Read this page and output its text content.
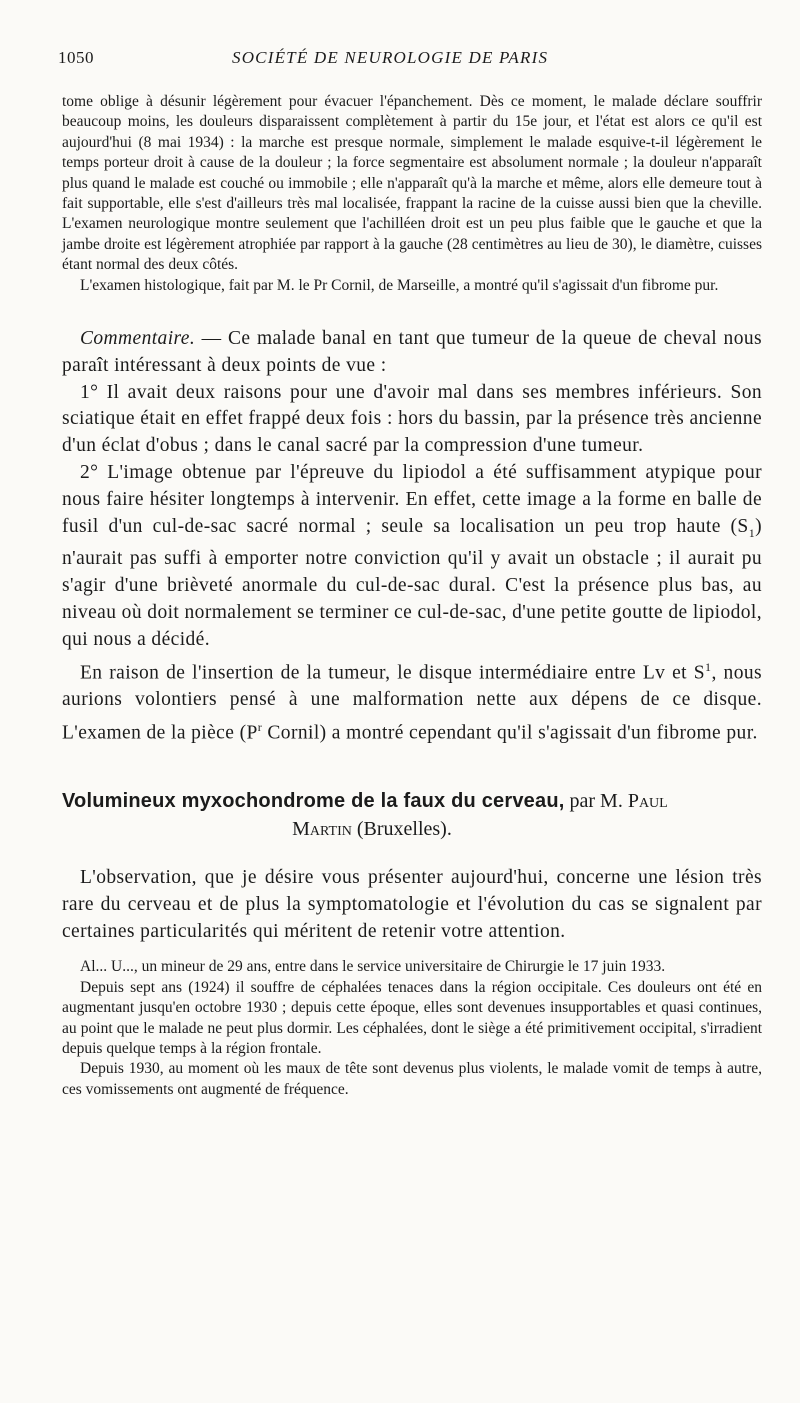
1050	SOCIÉTÉ DE NEUROLOGIE DE PARIS

tome oblige à désunir légèrement pour évacuer l'épanchement. Dès ce moment, le malade déclare souffrir beaucoup moins, les douleurs disparaissent complètement à partir du 15e jour, et l'état est alors ce qu'il est aujourd'hui (8 mai 1934) : la marche est presque normale, simplement le malade esquive-t-il légèrement le temps porteur droit à cause de la douleur ; la force segmentaire est absolument normale ; la douleur n'apparaît plus quand le malade est couché ou immobile ; elle n'apparaît qu'à la marche et même, alors elle demeure tout à fait supportable, elle s'est d'ailleurs très mal localisée, frappant la racine de la cuisse aussi bien que la cheville. L'examen neurologique montre seulement que l'achilléen droit est un peu plus faible que le gauche et que la jambe droite est légèrement atrophiée par rapport à la gauche (28 centimètres au lieu de 30), le diamètre, cuisses étant normal des deux côtés.

L'examen histologique, fait par M. le Pr Cornil, de Marseille, a montré qu'il s'agissait d'un fibrome pur.

Commentaire. — Ce malade banal en tant que tumeur de la queue de cheval nous paraît intéressant à deux points de vue :

1° Il avait deux raisons pour une d'avoir mal dans ses membres inférieurs. Son sciatique était en effet frappé deux fois : hors du bassin, par la présence très ancienne d'un éclat d'obus ; dans le canal sacré par la compression d'une tumeur.

2° L'image obtenue par l'épreuve du lipiodol a été suffisamment atypique pour nous faire hésiter longtemps à intervenir. En effet, cette image a la forme en balle de fusil d'un cul-de-sac sacré normal ; seule sa localisation un peu trop haute $(S_1)$ n'aurait pas suffi à emporter notre conviction qu'il y avait un obstacle ; il aurait pu s'agir d'une brièveté anormale du cul-de-sac dural. C'est la présence plus bas, au niveau où doit normalement se terminer ce cul-de-sac, d'une petite goutte de lipiodol, qui nous a décidé.

En raison de l'insertion de la tumeur, le disque intermédiaire entre Lv et $S^1$, nous aurions volontiers pensé à une malformation nette aux dépens de ce disque. L'examen de la pièce ($P^r$ Cornil) a montré cependant qu'il s'agissait d'un fibrome pur.

Volumineux myxochondrome de la faux du cerveau, par M. Paul
Martin (Bruxelles).

L'observation, que je désire vous présenter aujourd'hui, concerne une lésion très rare du cerveau et de plus la symptomatologie et l'évolution du cas se signalent par certaines particularités qui méritent de retenir votre attention.

Al... U..., un mineur de 29 ans, entre dans le service universitaire de Chirurgie le 17 juin 1933.

Depuis sept ans (1924) il souffre de céphalées tenaces dans la région occipitale. Ces douleurs ont été en augmentant jusqu'en octobre 1930 ; depuis cette époque, elles sont devenues insupportables et quasi continues, au point que le malade ne peut plus dormir. Les céphalées, dont le siège a été primitivement occipital, s'irradient depuis quelque temps à la région frontale.

Depuis 1930, au moment où les maux de tête sont devenus plus violents, le malade vomit de temps à autre, ces vomissements ont augmenté de fréquence.
